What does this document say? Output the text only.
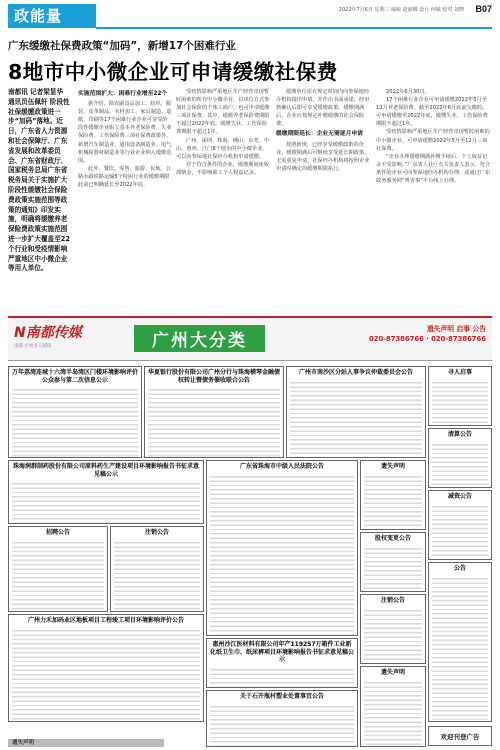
政能量	2022年7月6日 星期三 编辑 赵丽娜 设计 何敏 校对 刘晓 B07
广东缓缴社保费政策“加码”，新增17个困难行业
8地市中小微企业可申请缓缴社保费
南都讯 记者梁显华 通讯员伍佩轩 阶段性社保缓缴政策进一步“加码”落地。近日，广东省人力资源和社会保障厅、广东省发展和改革委员会、广东省财政厅、国家税务总局广东省税务局关于实施扩大阶段性缓缴社会保险费政策实施范围等政策的通知》印发实施，明确将缓缴养老保险费政策实施范围进一步扩大覆盖至22个行业和受疫情影响严重地区中小微企业等用人单位。
实施范围扩大：困难行业增至22个

据介绍，除农副食品加工、纺织、服装、皮革制品、木材加工、家具制造、造纸、印刷等17个困难行业企业可享受阶段性缓缴企业职工基本养老保险费、失业保险费、工伤保险费三项社保费政策外，新增汽车制造业、通用设备制造业、电气机械和器材制造业等行业企业纳入缓缴范围。

此外，餐饮、零售、旅游、民航、公路水路铁路运输5个特困行业的缓缴期限此前已明确延长至2022年底。

受疫情影响严重地区生产经营出现暂时困难的所有中小微企业、以单位方式参加社会保险的个体工商户，也可申请缓缴三项社保费。其中，缓缴养老保险费期限不超过2022年底，缓缴失业、工伤保险费期限不超过1年。

广州、深圳、珠海、佛山、东莞、中山、惠州、江门8个地市的中小微企业，可以向参保地社保经办机构申请缓缴。

对于符合条件的企业，缓缴期间免收滞纳金，不影响职工个人权益记录。

缓缴单位需在规定时间内向参保地经办机构提出申请，并作出书面承诺，经审核确认后即可享受缓缴政策。缓缴期满后，企业应按规定补缴缓缴的社会保险费。

缓缴期限延长：企业无需逐月申请

按照新规，已经享受缓缴政策的企业，缓缴期满后可继续享受延长期政策，无需重复申请，社保经办机构将按照企业申请时确定的缓缴期限执行。

2022年6月30日。

17个困难行业企业可申请缓缴2022年5月至12月养老保险费，截至2022年6月底前欠缴的，可申请缓缴至2022年底，缓缴失业、工伤保险费期限不超过1年。

受疫情影响严重地区生产经营出现暂时困难的中小微企业，可申请缓缴2022年5月至12月三项社保费。

“企业办理缓缴期满补缴手续后，个人权益记录不受影响。”广东省人社厅有关负责人表示，符合条件的企业可向参保地经办机构办理，或通过广东政务服务网“粤省事”平台线上办理。

N南都传媒
南都·让更多人阅读	广州大分类
遗失声明 启事 公告
020-87386766 · 020-87386766
万年荔湾连城十六湾半岛湾区门楼环境影响评价公众参与第二次信息公示
华夏银行股份有限公司广州分行与珠海横琴金融债权转让暨债务催收联合公告
广州市南沙区分站人事争议仲裁委员会公告	寻人启事
清算公告
减资公告
公告
珠海润群制药股份有限公司原料药生产建设项目环境影响报告书征求意见稿公示
广东省珠海市中级人民法院公告	遗失声明
招聘公告	注销公告
广州力禾加码业区地板项目工程竣工项目环境影响评价公告
惠州沙江医材料有限公司年产119257万箱件工业新化纸卫生巾、纸尿裤项目环境影响报告书征求意见稿公示
关于石开瓶村塑业处置事宜公告
股权变更公告
注销公告
遗失声明
欢迎刊登广告
遗失声明
